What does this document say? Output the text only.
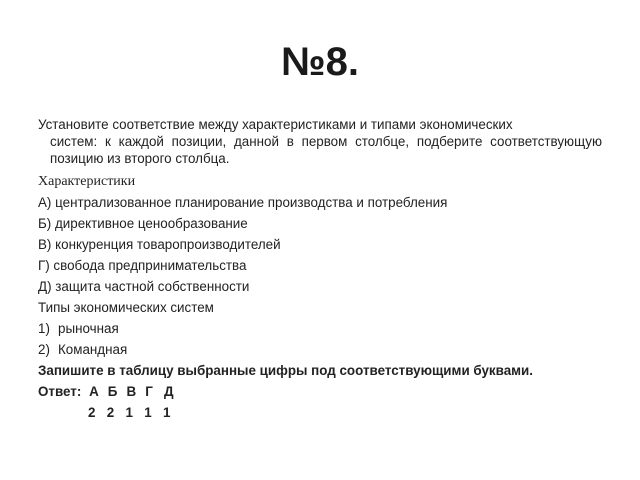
№8.

Установите соответствие между характеристиками и типами экономических
систем: к каждой позиции, данной в первом столбце, подберите соответствующую позицию из второго столбца.

Характеристики
А) централизованное планирование производства и потребления
Б) директивное ценообразование
В) конкуренция товаропроизводителей
Г) свобода предпринимательства
Д) защита частной собственности
Типы экономических систем
1) рыночная
2) Командная
Запишите в таблицу выбранные цифры под соответствующими буквами.
Ответ: А Б В Г Д
2 2 1 1 1
